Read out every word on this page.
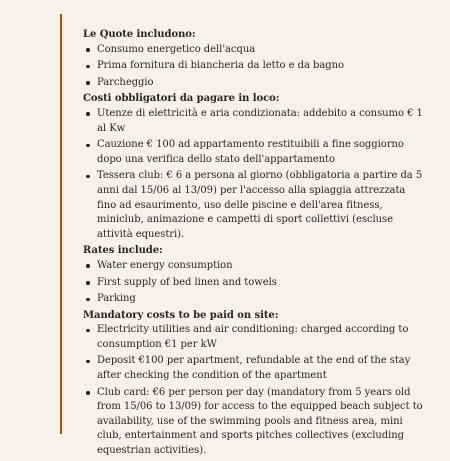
Le Quote includono:

Consumo energetico dell'acqua
Prima fornitura di biancheria da letto e da bagno
Parcheggio

Costi obbligatori da pagare in loco:

Utenze di elettricità e aria condizionata: addebito a consumo € 1 al Kw
Cauzione € 100 ad appartamento restituibili a fine soggiorno dopo una verifica dello stato dell'appartamento
Tessera club: € 6 a persona al giorno (obbligatoria a partire da 5 anni dal 15/06 al 13/09) per l'accesso alla spiaggia attrezzata fino ad esaurimento, uso delle piscine e dell'area fitness, miniclub, animazione e campetti di sport collettivi (escluse attività equestri).

Rates include:

Water energy consumption
First supply of bed linen and towels
Parking

Mandatory costs to be paid on site:

Electricity utilities and air conditioning: charged according to consumption €1 per kW
Deposit €100 per apartment, refundable at the end of the stay after checking the condition of the apartment
Club card: €6 per person per day (mandatory from 5 years old from 15/06 to 13/09) for access to the equipped beach subject to availability, use of the swimming pools and fitness area, mini club, entertainment and sports pitches collectives (excluding equestrian activities).
